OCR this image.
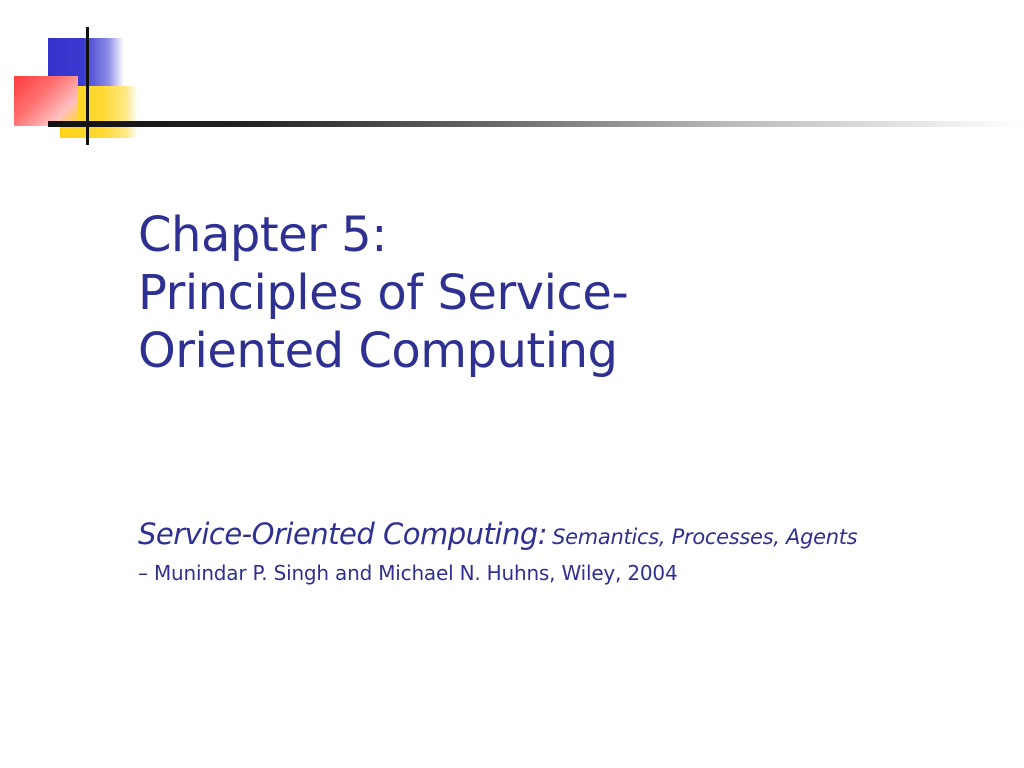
Chapter 5:
Principles of Service-
Oriented Computing
Service-Oriented Computing: Semantics, Processes, Agents
– Munindar P. Singh and Michael N. Huhns, Wiley, 2004
